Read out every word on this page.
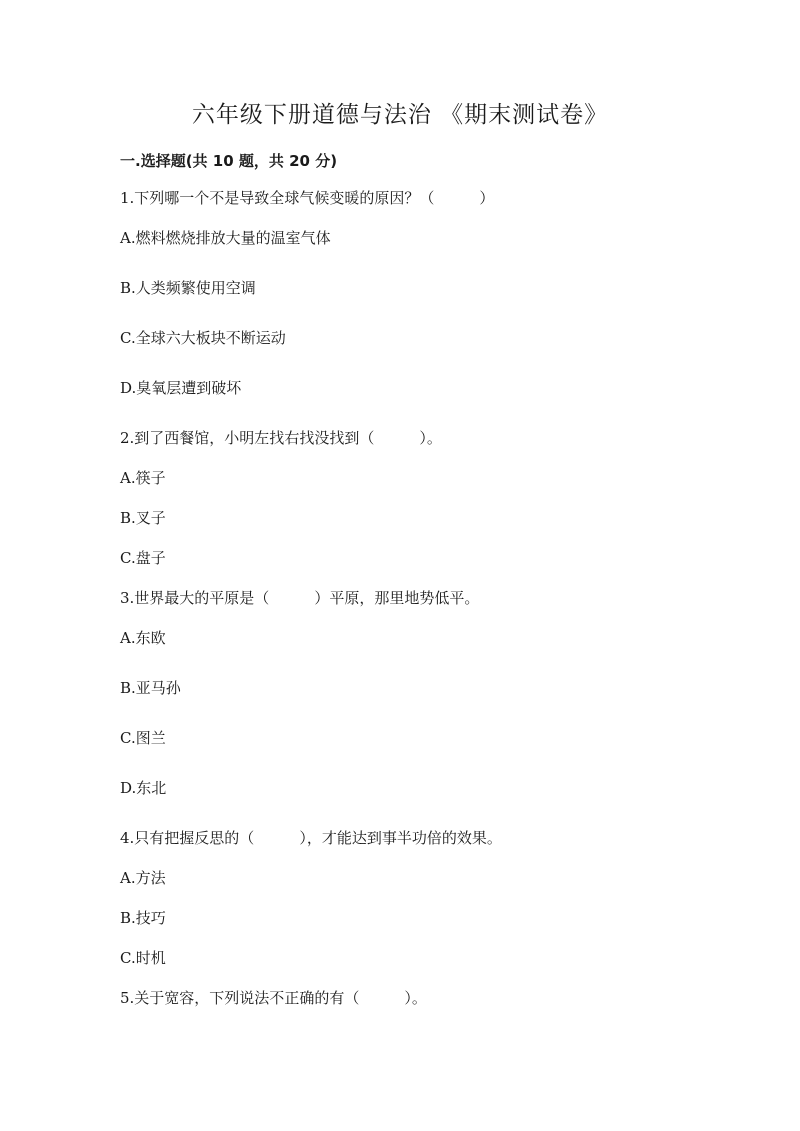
六年级下册道德与法治 《期末测试卷》
一.选择题(共 10 题，共 20 分)
1.下列哪一个不是导致全球气候变暖的原因？（　　　）
A.燃料燃烧排放大量的温室气体
B.人类频繁使用空调
C.全球六大板块不断运动
D.臭氧层遭到破坏
2.到了西餐馆，小明左找右找没找到（　　　）。
A.筷子
B.叉子
C.盘子
3.世界最大的平原是（　　　）平原，那里地势低平。
A.东欧
B.亚马孙
C.图兰
D.东北
4.只有把握反思的（　　　），才能达到事半功倍的效果。
A.方法
B.技巧
C.时机
5.关于宽容，下列说法不正确的有（　　　）。
